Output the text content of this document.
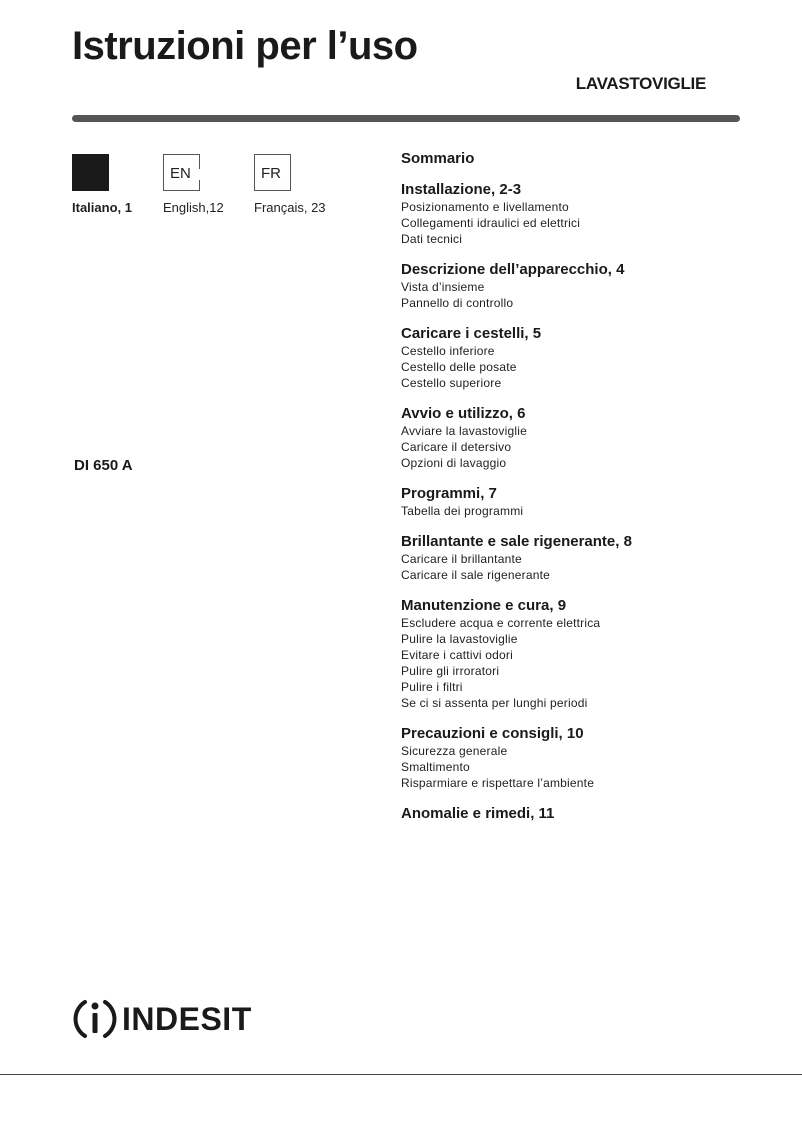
Istruzioni per l’uso
LAVASTOVIGLIE
Italiano, 1
EN
English,12
FR
Français, 23
DI 650 A
Sommario
Installazione, 2-3
Posizionamento e livellamento
Collegamenti idraulici ed elettrici
Dati tecnici
Descrizione dell’apparecchio, 4
Vista d’insieme
Pannello di controllo
Caricare i cestelli, 5
Cestello inferiore
Cestello delle posate
Cestello superiore
Avvio e utilizzo, 6
Avviare la lavastoviglie
Caricare il detersivo
Opzioni di lavaggio
Programmi, 7
Tabella dei programmi
Brillantante e sale rigenerante, 8
Caricare il brillantante
Caricare il sale rigenerante
Manutenzione e cura, 9
Escludere acqua e corrente elettrica
Pulire la lavastoviglie
Evitare i cattivi odori
Pulire gli irroratori
Pulire i filtri
Se ci si assenta per lunghi periodi
Precauzioni e consigli, 10
Sicurezza generale
Smaltimento
Risparmiare e rispettare l’ambiente
Anomalie e rimedi, 11
INDESIT
